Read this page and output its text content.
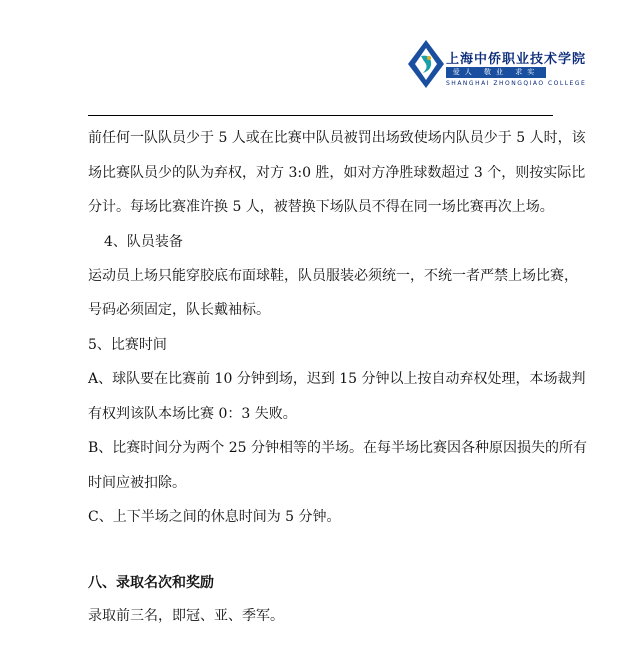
上海中侨职业技术学院
爱人 敬业 求实
SHANGHAI ZHONGQIAO COLLEGE

前任何一队队员少于 5 人或在比赛中队员被罚出场致使场内队员少于 5 人时，该

场比赛队员少的队为弃权，对方 3:0 胜，如对方净胜球数超过 3 个，则按实际比

分计。每场比赛准许换 5 人，被替换下场队员不得在同一场比赛再次上场。

4、队员装备

运动员上场只能穿胶底布面球鞋，队员服装必须统一，不统一者严禁上场比赛，

号码必须固定，队长戴袖标。

5、比赛时间

A、球队要在比赛前 10 分钟到场，迟到 15 分钟以上按自动弃权处理，本场裁判

有权判该队本场比赛 0：3 失败。

B、比赛时间分为两个 25 分钟相等的半场。在每半场比赛因各种原因损失的所有

时间应被扣除。

C、上下半场之间的休息时间为 5 分钟。

八、录取名次和奖励

录取前三名，即冠、亚、季军。
